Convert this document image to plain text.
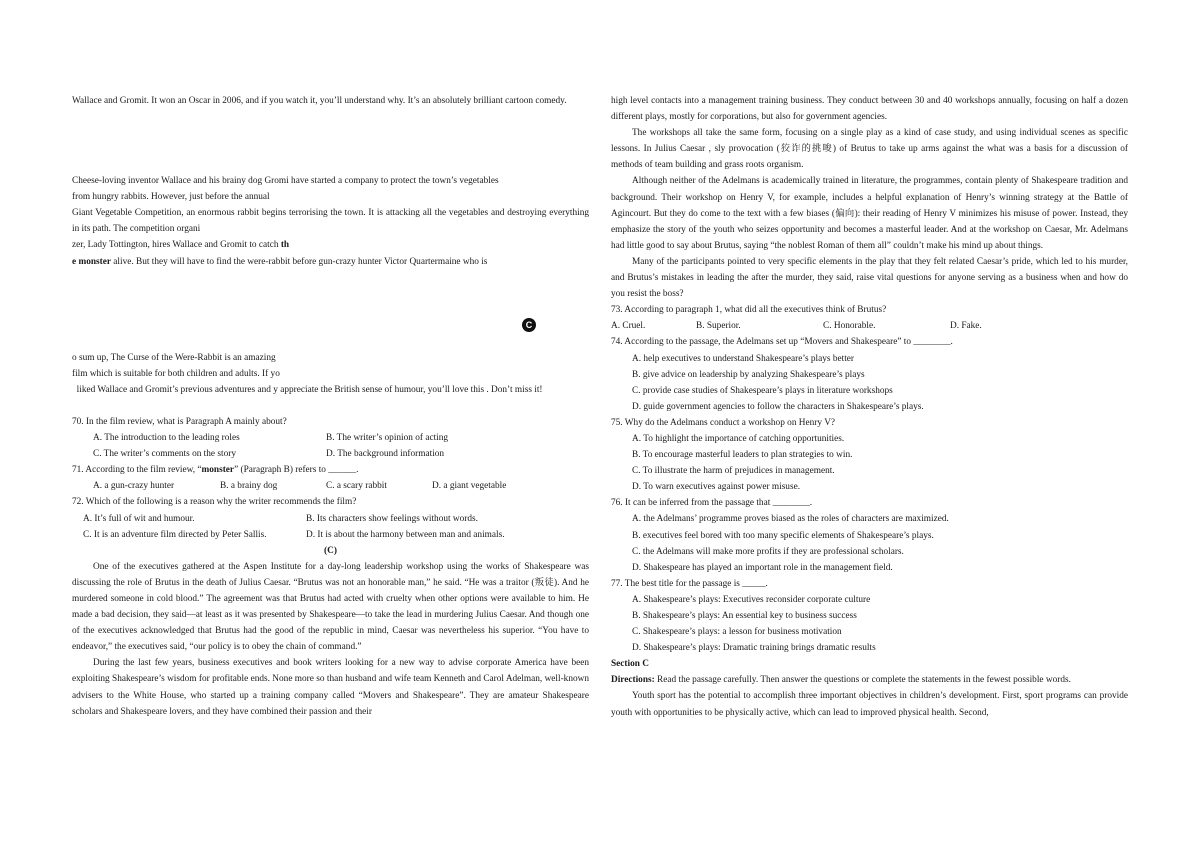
Wallace and Gromit. It won an Oscar in 2006, and if you watch it, you’ll understand why. It’s an absolutely brilliant cartoon comedy.

Cheese-loving inventor Wallace and his brainy dog Gromi have started a company to protect the town’s vegetables

from hungry rabbits. However, just before the annual

Giant Vegetable Competition, an enormous rabbit begins terrorising the town. It is attacking all the vegetables and destroying everything in its path. The competition organi

zer, Lady Tottington, hires Wallace and Gromit to catch th

e monster alive. But they will have to find the were-rabbit before gun-crazy hunter Victor Quartermaine who is

o sum up, The Curse of the Were-Rabbit is an amazing

film which is suitable for both children and adults. If yo

liked Wallace and Gromit’s previous adventures and y appreciate the British sense of humour, you’ll love this . Don’t miss it!

70. In the film review, what is Paragraph A mainly about?

A. The introduction to the leading roles	B. The writer’s opinion of acting
C. The writer’s comments on the story	D. The background information

71. According to the film review, “monster” (Paragraph B) refers to ______.

A. a gun-crazy hunter	B. a brainy dog	C. a scary rabbit	D. a giant vegetable

72. Which of the following is a reason why the writer recommends the film?

A. It’s full of wit and humour.	B. Its characters show feelings without words.
C. It is an adventure film directed by Peter Sallis.	D. It is about the harmony between man and animals.

(C)

One of the executives gathered at the Aspen Institute for a day-long leadership workshop using the works of Shakespeare was discussing the role of Brutus in the death of Julius Caesar. “Brutus was not an honorable man,” he said. “He was a traitor (叛徒). And he murdered someone in cold blood.” The agreement was that Brutus had acted with cruelty when other options were available to him. He made a bad decision, they said—at least as it was presented by Shakespeare—to take the lead in murdering Julius Caesar. And though one of the executives acknowledged that Brutus had the good of the republic in mind, Caesar was nevertheless his superior. “You have to endeavor,” the executives said, “our policy is to obey the chain of command.”

During the last few years, business executives and book writers looking for a new way to advise corporate America have been exploiting Shakespeare’s wisdom for profitable ends. None more so than husband and wife team Kenneth and Carol Adelman, well-known advisers to the White House, who started up a training company called “Movers and Shakespeare”. They are amateur Shakespeare scholars and Shakespeare lovers, and they have combined their passion and their

C

high level contacts into a management training business. They conduct between 30 and 40 workshops annually, focusing on half a dozen different plays, mostly for corporations, but also for government agencies.

The workshops all take the same form, focusing on a single play as a kind of case study, and using individual scenes as specific lessons. In Julius Caesar , sly provocation (狡诈的挑唆) of Brutus to take up arms against the what was a basis for a discussion of methods of team building and grass roots organism.

Although neither of the Adelmans is academically trained in literature, the programmes, contain plenty of Shakespeare tradition and background. Their workshop on Henry V, for example, includes a helpful explanation of Henry’s winning strategy at the Battle of Agincourt. But they do come to the text with a few biases (偏向): their reading of Henry V minimizes his misuse of power. Instead, they emphasize the story of the youth who seizes opportunity and becomes a masterful leader. And at the workshop on Caesar, Mr. Adelmans had little good to say about Brutus, saying “the noblest Roman of them all” couldn’t make his mind up about things.

Many of the participants pointed to very specific elements in the play that they felt related Caesar’s pride, which led to his murder, and Brutus’s mistakes in leading the after the murder, they said, raise vital questions for anyone serving as a business when and how do you resist the boss?

73. According to paragraph 1, what did all the executives think of Brutus?

A. Cruel.	B. Superior.	C. Honorable.	D. Fake.

74. According to the passage, the Adelmans set up “Movers and Shakespeare” to ________.

A. help executives to understand Shakespeare’s plays better

B. give advice on leadership by analyzing Shakespeare’s plays

C. provide case studies of Shakespeare’s plays in literature workshops

D. guide government agencies to follow the characters in Shakespeare’s plays.

75. Why do the Adelmans conduct a workshop on Henry V?

A. To highlight the importance of catching opportunities.

B. To encourage masterful leaders to plan strategies to win.

C. To illustrate the harm of prejudices in management.

D. To warn executives against power misuse.

76. It can be inferred from the passage that ________.

A. the Adelmans’ programme proves biased as the roles of characters are maximized.

B. executives feel bored with too many specific elements of Shakespeare’s plays.

C. the Adelmans will make more profits if they are professional scholars.

D. Shakespeare has played an important role in the management field.

77. The best title for the passage is _____.

A. Shakespeare’s plays: Executives reconsider corporate culture

B. Shakespeare’s plays: An essential key to business success

C. Shakespeare’s plays: a lesson for business motivation

D. Shakespeare’s plays: Dramatic training brings dramatic results

Section C

Directions: Read the passage carefully. Then answer the questions or complete the statements in the fewest possible words.

Youth sport has the potential to accomplish three important objectives in children’s development. First, sport programs can provide youth with opportunities to be physically active, which can lead to improved physical health. Second,
